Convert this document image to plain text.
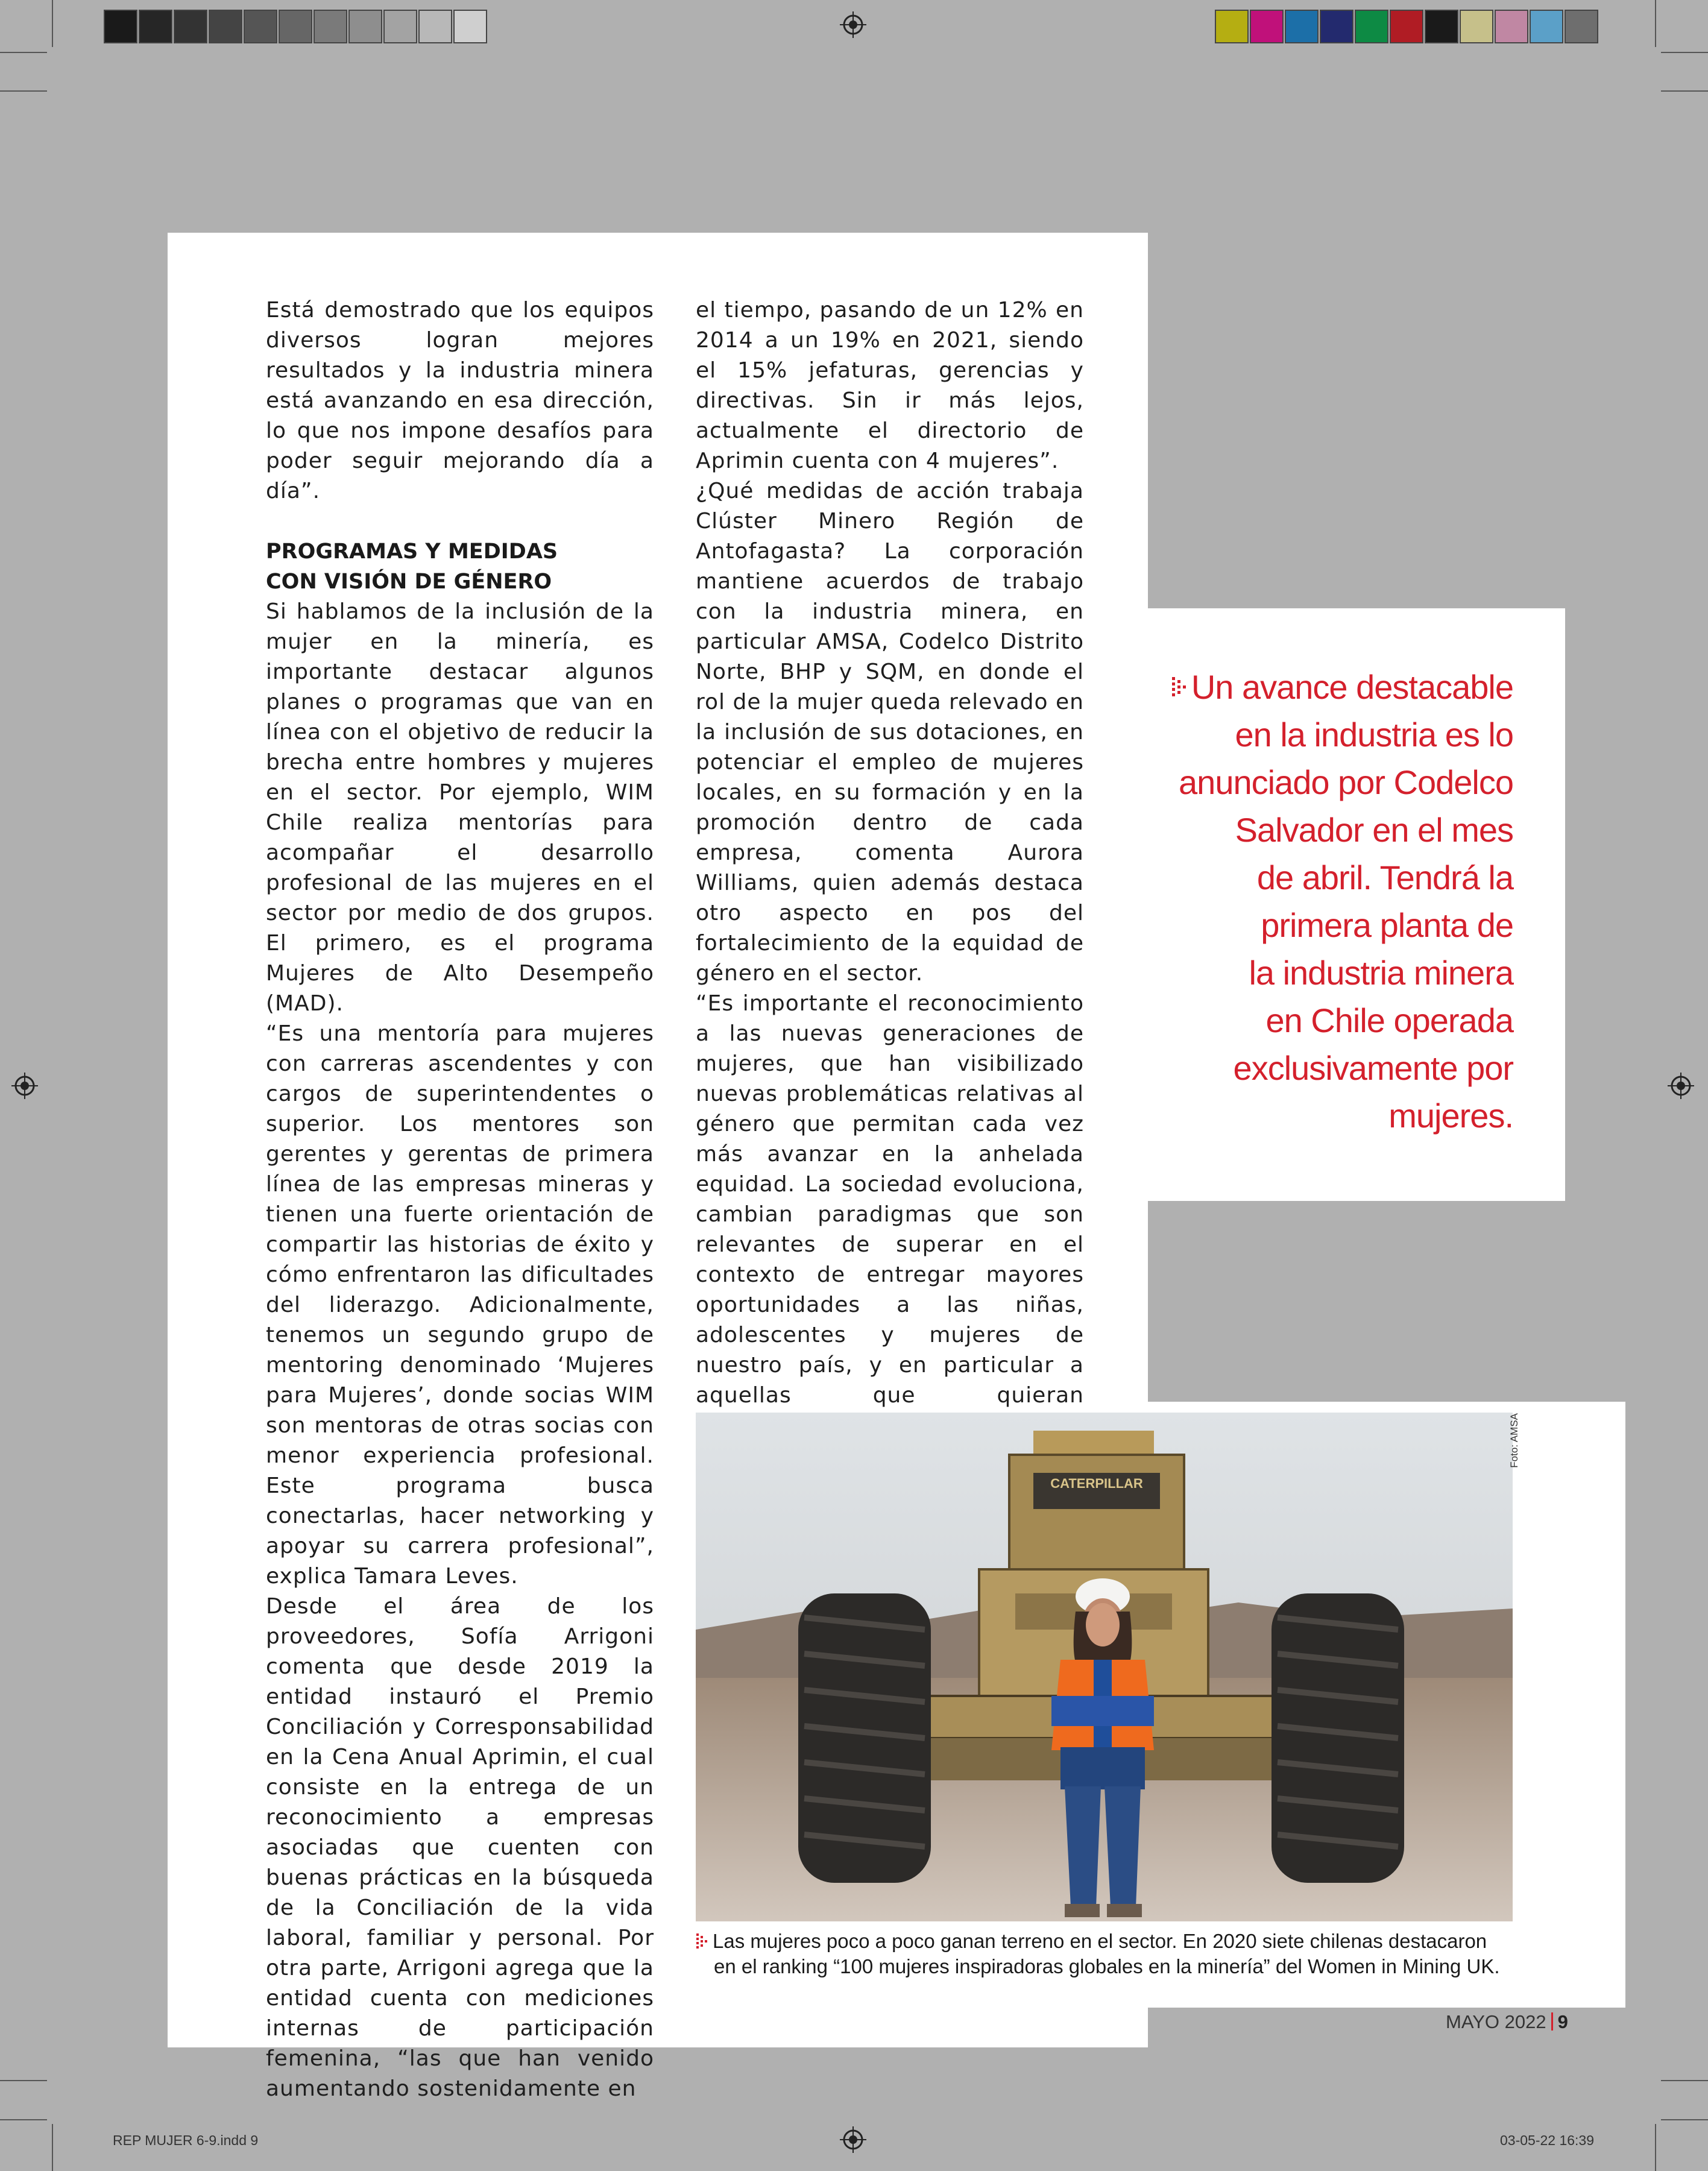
Está demostrado que los equipos diversos logran mejores resultados y la industria minera está avanzando en esa dirección, lo que nos impone desafíos para poder seguir mejorando día a día”.

PROGRAMAS Y MEDIDAS
CON VISIÓN DE GÉNERO

Si hablamos de la inclusión de la mujer en la minería, es importante destacar algunos planes o programas que van en línea con el objetivo de reducir la brecha entre hombres y mujeres en el sector. Por ejemplo, WIM Chile realiza mentorías para acompañar el desarrollo profesional de las mujeres en el sector por medio de dos grupos. El primero, es el programa Mujeres de Alto Desempeño (MAD).

“Es una mentoría para mujeres con carreras ascendentes y con cargos de superintendentes o superior. Los mentores son gerentes y gerentas de primera línea de las empresas mineras y tienen una fuerte orientación de compartir las historias de éxito y cómo enfrentaron las dificultades del liderazgo. Adicionalmente, tenemos un segundo grupo de mentoring denominado ‘Mujeres para Mujeres’, donde socias WIM son mentoras de otras socias con menor experiencia profesional. Este programa busca conectarlas, hacer networking y apoyar su carrera profesional”, explica Tamara Leves.

Desde el área de los proveedores, Sofía Arrigoni comenta que desde 2019 la entidad instauró el Premio Conciliación y Corresponsabilidad en la Cena Anual Aprimin, el cual consiste en la entrega de un reconocimiento a empresas asociadas que cuenten con buenas prácticas en la búsqueda de la Conciliación de la vida laboral, familiar y personal. Por otra parte, Arrigoni agrega que la entidad cuenta con mediciones internas de participación femenina, “las que han venido aumentando sostenidamente en

el tiempo, pasando de un 12% en 2014 a un 19% en 2021, siendo el 15% jefaturas, gerencias y directivas. Sin ir más lejos, actualmente el directorio de Aprimin cuenta con 4 mujeres”.

¿Qué medidas de acción trabaja Clúster Minero Región de Antofagasta? La corporación mantiene acuerdos de trabajo con la industria minera, en particular AMSA, Codelco Distrito Norte, BHP y SQM, en donde el rol de la mujer queda relevado en la inclusión de sus dotaciones, en potenciar el empleo de mujeres locales, en su formación y en la promoción dentro de cada empresa, comenta Aurora Williams, quien además destaca otro aspecto en pos del fortalecimiento de la equidad de género en el sector.

“Es importante el reconocimiento a las nuevas generaciones de mujeres, que han visibilizado nuevas problemáticas relativas al género que permitan cada vez más avanzar en la anhelada equidad. La sociedad evoluciona, cambian paradigmas que son relevantes de superar en el contexto de entregar mayores oportunidades a las niñas, adolescentes y mujeres de nuestro país, y en particular a aquellas que quieran

Un avance destacable
en la industria es lo
anunciado por Codelco
Salvador en el mes
de abril. Tendrá la
primera planta de
la industria minera
en Chile operada
exclusivamente por
mujeres.
CATERPILLAR
Foto: AMSA
Las mujeres poco a poco ganan terreno en el sector. En 2020 siete chilenas destacaron
en el ranking “100 mujeres inspiradoras globales en la minería” del Women in Mining UK.
MAYO 2022 9
REP MUJER 6-9.indd 9	03-05-22 16:39
